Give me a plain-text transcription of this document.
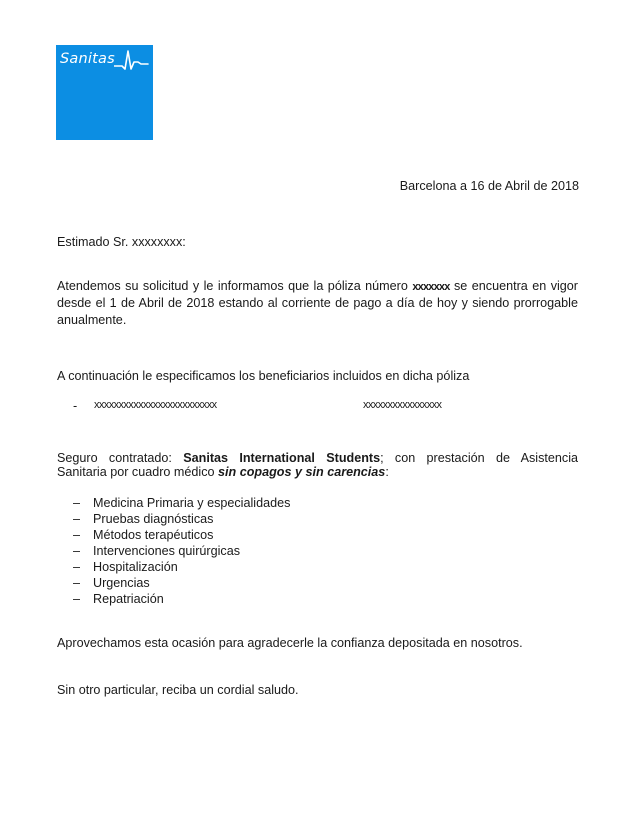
Sanitas
Barcelona a 16 de Abril de 2018
Estimado Sr. xxxxxxxx:
Atendemos su solicitud y le informamos que la póliza número xxxxxxx se encuentra en vigor desde el 1 de Abril de 2018 estando al corriente de pago a día de hoy y siendo prorrogable anualmente.
A continuación le especificamos los beneficiarios incluidos en dicha póliza
- xxxxxxxxxxxxxxxxxxxxxxxxx	xxxxxxxxxxxxxxxx
Seguro contratado: Sanitas International Students; con prestación de Asistencia
Sanitaria por cuadro médico sin copagos y sin carencias:
– Medicina Primaria y especialidades
– Pruebas diagnósticas
– Métodos terapéuticos
– Intervenciones quirúrgicas
– Hospitalización
– Urgencias
– Repatriación
Aprovechamos esta ocasión para agradecerle la confianza depositada en nosotros.
Sin otro particular, reciba un cordial saludo.
